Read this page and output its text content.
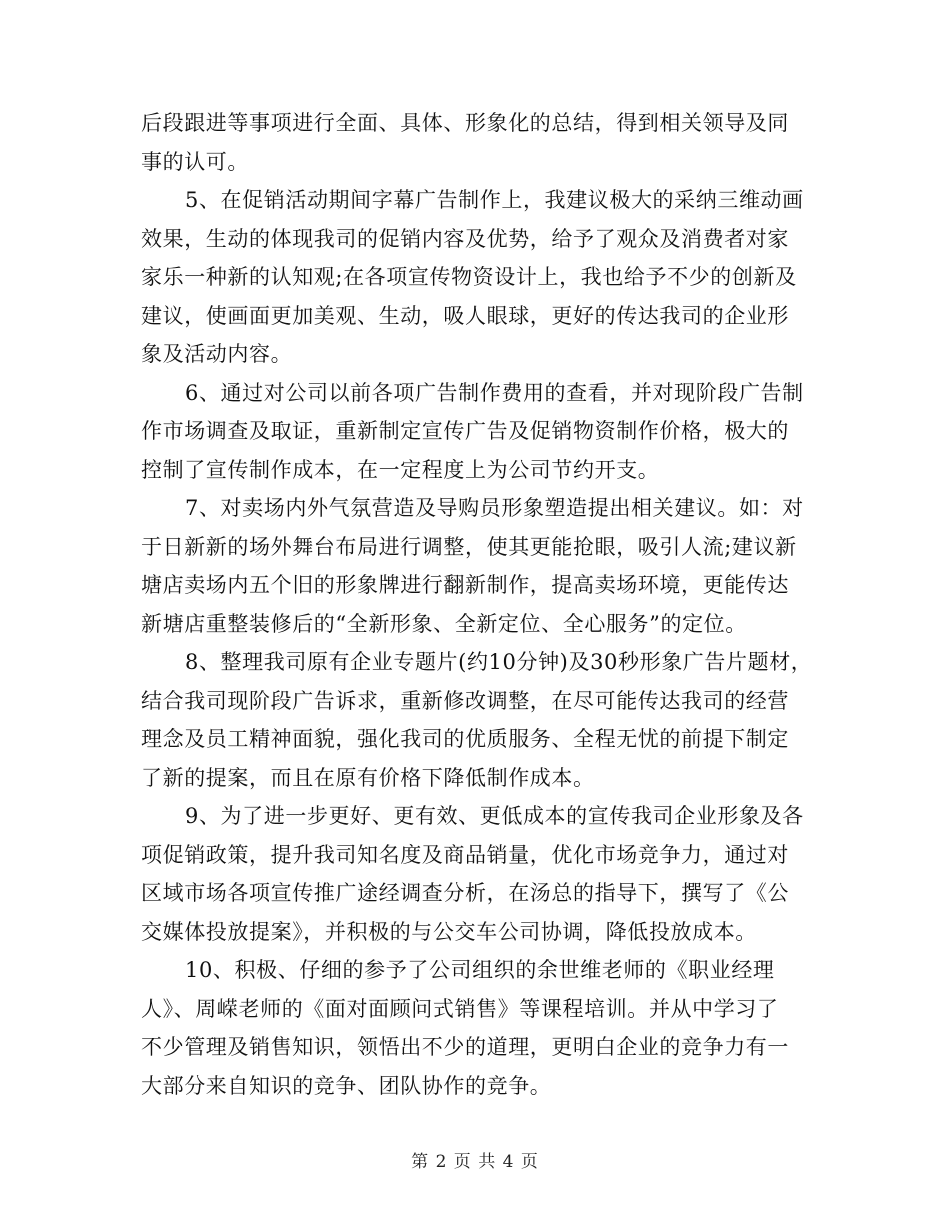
后段跟进等事项进行全面、具体、形象化的总结，得到相关领导及同
事的认可。

5、在促销活动期间字幕广告制作上，我建议极大的采纳三维动画
效果，生动的体现我司的促销内容及优势，给予了观众及消费者对家
家乐一种新的认知观;在各项宣传物资设计上，我也给予不少的创新及
建议，使画面更加美观、生动，吸人眼球，更好的传达我司的企业形
象及活动内容。

6、通过对公司以前各项广告制作费用的查看，并对现阶段广告制
作市场调查及取证，重新制定宣传广告及促销物资制作价格，极大的
控制了宣传制作成本，在一定程度上为公司节约开支。

7、对卖场内外气氛营造及导购员形象塑造提出相关建议。如：对
于日新新的场外舞台布局进行调整，使其更能抢眼，吸引人流;建议新
塘店卖场内五个旧的形象牌进行翻新制作，提高卖场环境，更能传达
新塘店重整装修后的“全新形象、全新定位、全心服务”的定位。

8、整理我司原有企业专题片(约10分钟)及30秒形象广告片题材，
结合我司现阶段广告诉求，重新修改调整，在尽可能传达我司的经营
理念及员工精神面貌，强化我司的优质服务、全程无忧的前提下制定
了新的提案，而且在原有价格下降低制作成本。

9、为了进一步更好、更有效、更低成本的宣传我司企业形象及各
项促销政策，提升我司知名度及商品销量，优化市场竞争力，通过对
区域市场各项宣传推广途经调查分析，在汤总的指导下，撰写了《公
交媒体投放提案》，并积极的与公交车公司协调，降低投放成本。

10、积极、仔细的参予了公司组织的余世维老师的《职业经理
人》、周嵘老师的《面对面顾问式销售》等课程培训。并从中学习了
不少管理及销售知识，领悟出不少的道理，更明白企业的竞争力有一
大部分来自知识的竞争、团队协作的竞争。

第 2 页 共 4 页
